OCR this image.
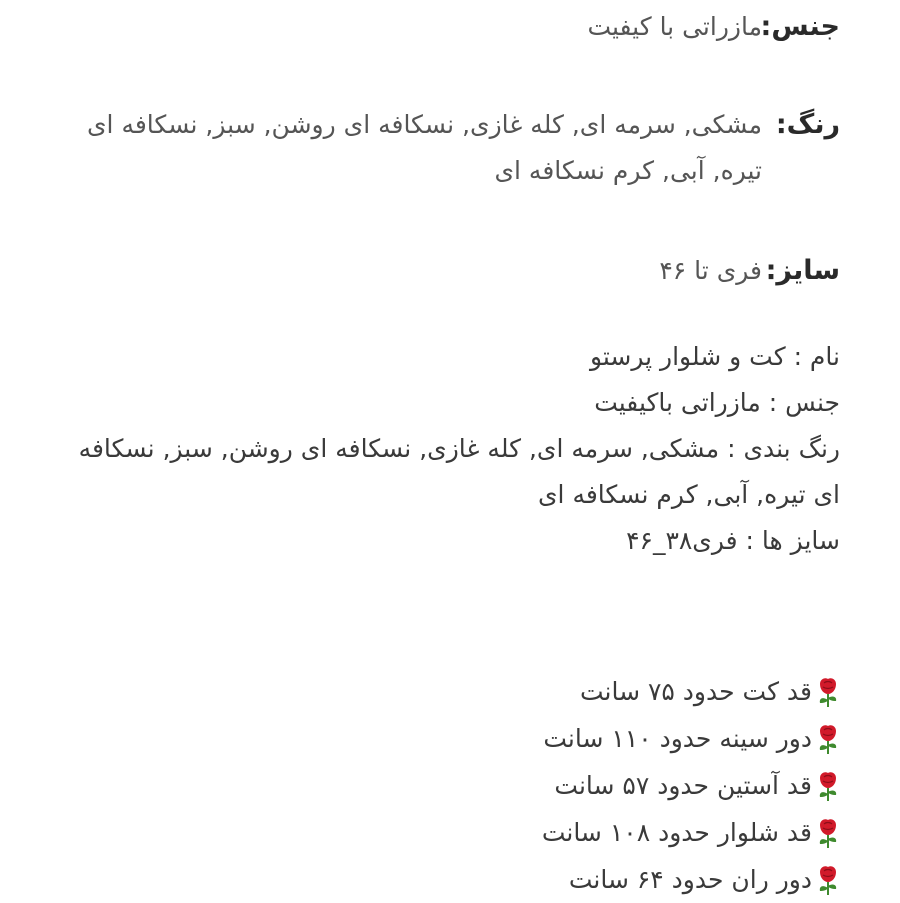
جنس:
مازراتی با کیفیت
رنگ:
مشکی, سرمه ای, کله غازی, نسکافه ای روشن, سبز, نسکافه ای تیره, آبی, کرم نسکافه ای
سایز:
فری تا ۴۶
نام : کت و شلوار پرستو
جنس : مازراتی باکیفیت
رنگ بندی : مشکی, سرمه ای, کله غازی, نسکافه ای روشن, سبز, نسکافه ای تیره, آبی, کرم نسکافه ای
سایز ها : فری۳۸_۴۶
قد کت حدود ۷۵ سانت
دور سینه حدود ۱۱۰ سانت
قد آستین حدود ۵۷ سانت
قد شلوار حدود ۱۰۸ سانت
دور ران حدود ۶۴ سانت
